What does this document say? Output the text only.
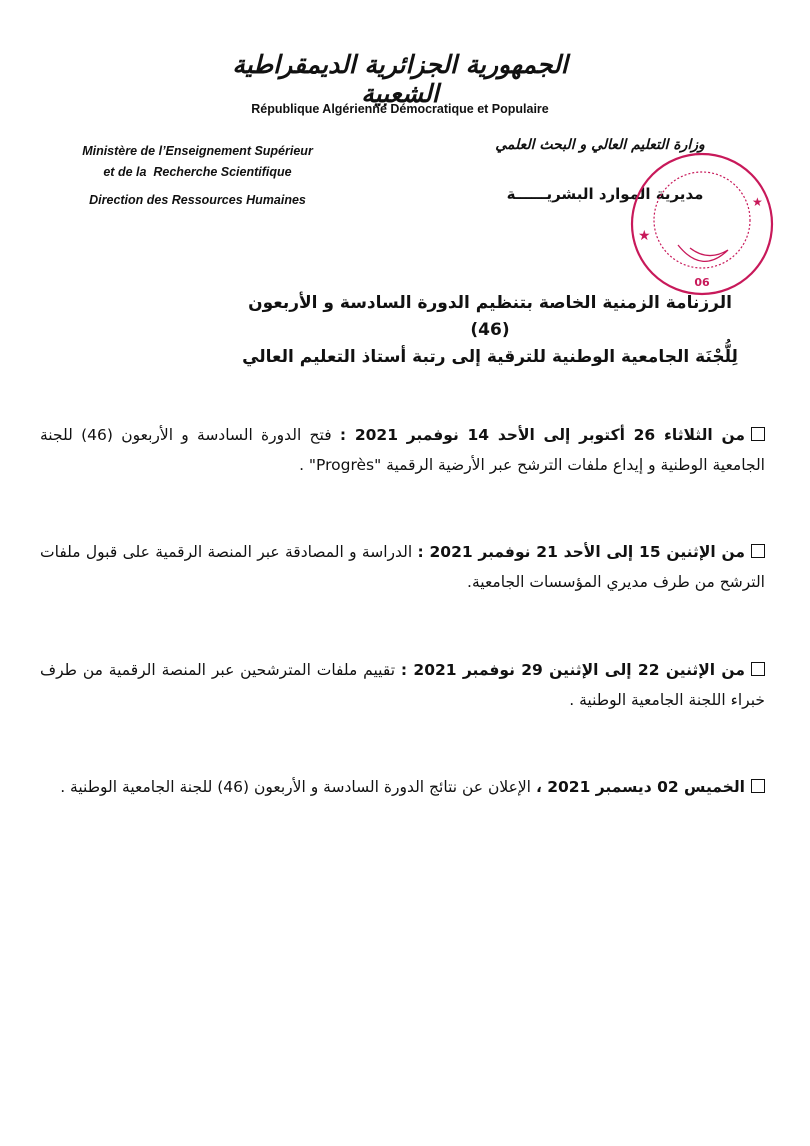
الجمهورية الجزائرية الديمقراطية الشعبية
République Algérienne Démocratique et Populaire
Ministère de l’Enseignement Supérieur
et de la  Recherche Scientifique
Direction des Ressources Humaines
وزارة التعليم العالي و البحث العلمي
مديرية الموارد البشريــــــة
★
★
06
الرزنامة الزمنية الخاصة بتنظيم الدورة السادسة و الأربعون (46)
لِلُّجْنَة الجامعية الوطنية للترقية إلى رتبة أستاذ التعليم العالي
من الثلاثاء 26 أكتوبر إلى الأحد 14 نوفمبر 2021 : فتح الدورة السادسة و الأربعون (46) للجنة الجامعية الوطنية و إيداع ملفات الترشح عبر الأرضية الرقمية "Progrès" .
من الإثنين 15 إلى الأحد 21 نوفمبر 2021 : الدراسة و المصادقة عبر المنصة الرقمية على قبول ملفات الترشح من طرف مديري المؤسسات الجامعية.
من الإثنين 22 إلى الإثنين 29 نوفمبر 2021 : تقييم ملفات المترشحين عبر المنصة الرقمية من طرف خبراء اللجنة الجامعية الوطنية .
الخميس 02 ديسمبر 2021 ، الإعلان عن نتائج الدورة السادسة و الأربعون (46) للجنة الجامعية الوطنية .
